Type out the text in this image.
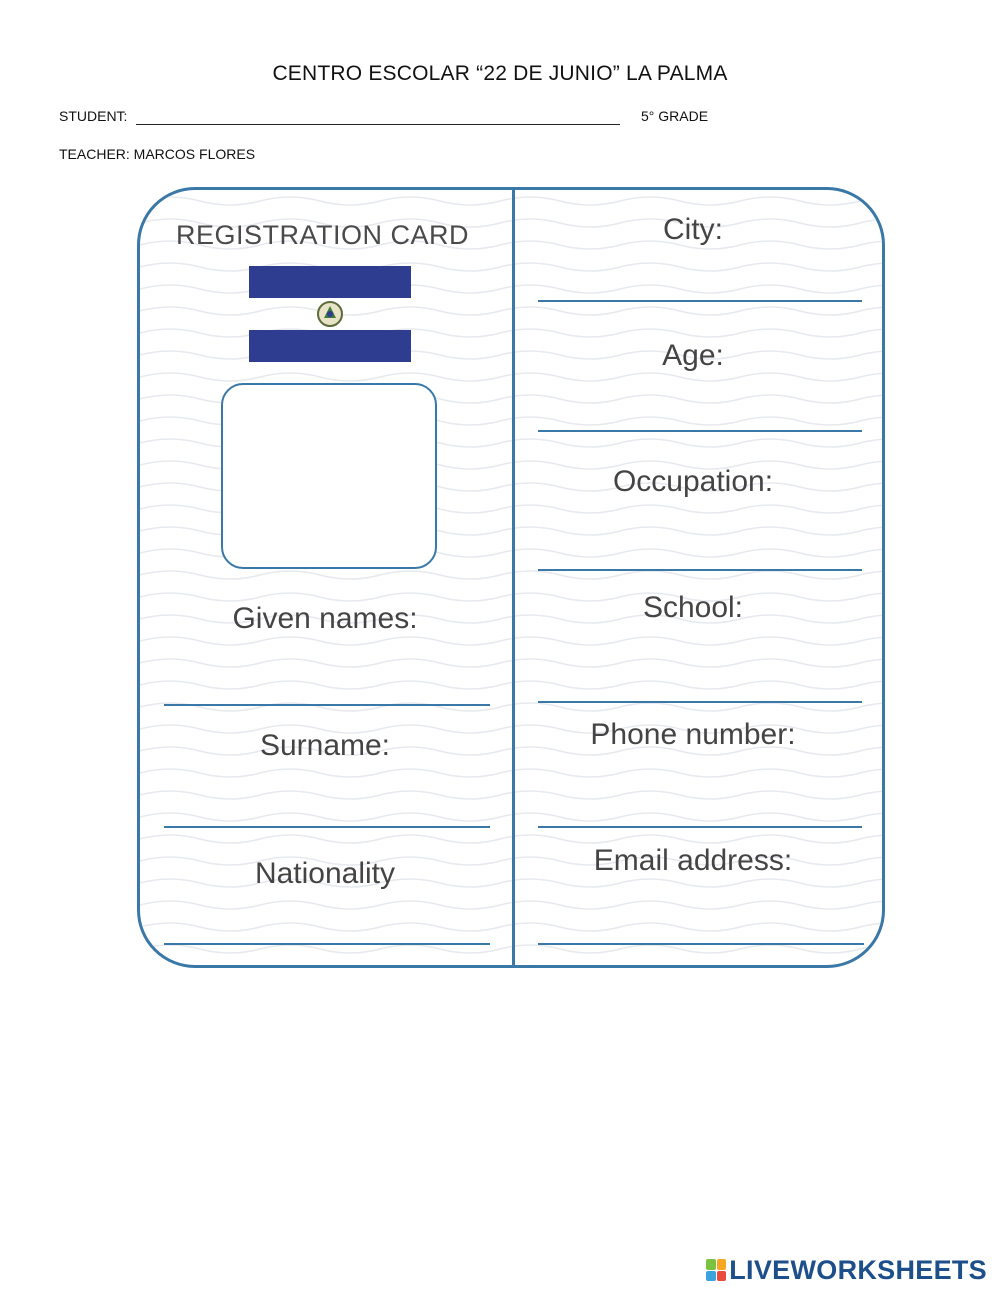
CENTRO ESCOLAR “22 DE JUNIO” LA PALMA
STUDENT:	5° GRADE
TEACHER: MARCOS FLORES
REGISTRATION CARD
Given names:
Surname:
Nationality
City:
Age:
Occupation:
School:
Phone number:
Email address:
LIVEWORKSHEETS
